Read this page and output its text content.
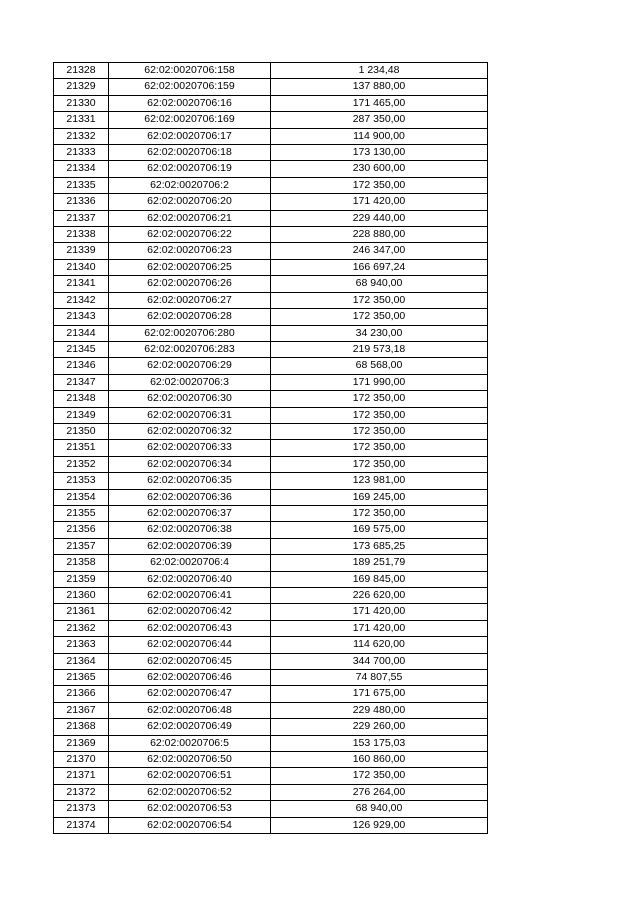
21328	62:02:0020706:158	1 234,48
21329	62:02:0020706:159	137 880,00
21330	62:02:0020706:16	171 465,00
21331	62:02:0020706:169	287 350,00
21332	62:02:0020706:17	114 900,00
21333	62:02:0020706:18	173 130,00
21334	62:02:0020706:19	230 600,00
21335	62:02:0020706:2	172 350,00
21336	62:02:0020706:20	171 420,00
21337	62:02:0020706:21	229 440,00
21338	62:02:0020706:22	228 880,00
21339	62:02:0020706:23	246 347,00
21340	62:02:0020706:25	166 697,24
21341	62:02:0020706:26	68 940,00
21342	62:02:0020706:27	172 350,00
21343	62:02:0020706:28	172 350,00
21344	62:02:0020706:280	34 230,00
21345	62:02:0020706:283	219 573,18
21346	62:02:0020706:29	68 568,00
21347	62:02:0020706:3	171 990,00
21348	62:02:0020706:30	172 350,00
21349	62:02:0020706:31	172 350,00
21350	62:02:0020706:32	172 350,00
21351	62:02:0020706:33	172 350,00
21352	62:02:0020706:34	172 350,00
21353	62:02:0020706:35	123 981,00
21354	62:02:0020706:36	169 245,00
21355	62:02:0020706:37	172 350,00
21356	62:02:0020706:38	169 575,00
21357	62:02:0020706:39	173 685,25
21358	62:02:0020706:4	189 251,79
21359	62:02:0020706:40	169 845,00
21360	62:02:0020706:41	226 620,00
21361	62:02:0020706:42	171 420,00
21362	62:02:0020706:43	171 420,00
21363	62:02:0020706:44	114 620,00
21364	62:02:0020706:45	344 700,00
21365	62:02:0020706:46	74 807,55
21366	62:02:0020706:47	171 675,00
21367	62:02:0020706:48	229 480,00
21368	62:02:0020706:49	229 260,00
21369	62:02:0020706:5	153 175,03
21370	62:02:0020706:50	160 860,00
21371	62:02:0020706:51	172 350,00
21372	62:02:0020706:52	276 264,00
21373	62:02:0020706:53	68 940,00
21374	62:02:0020706:54	126 929,00
